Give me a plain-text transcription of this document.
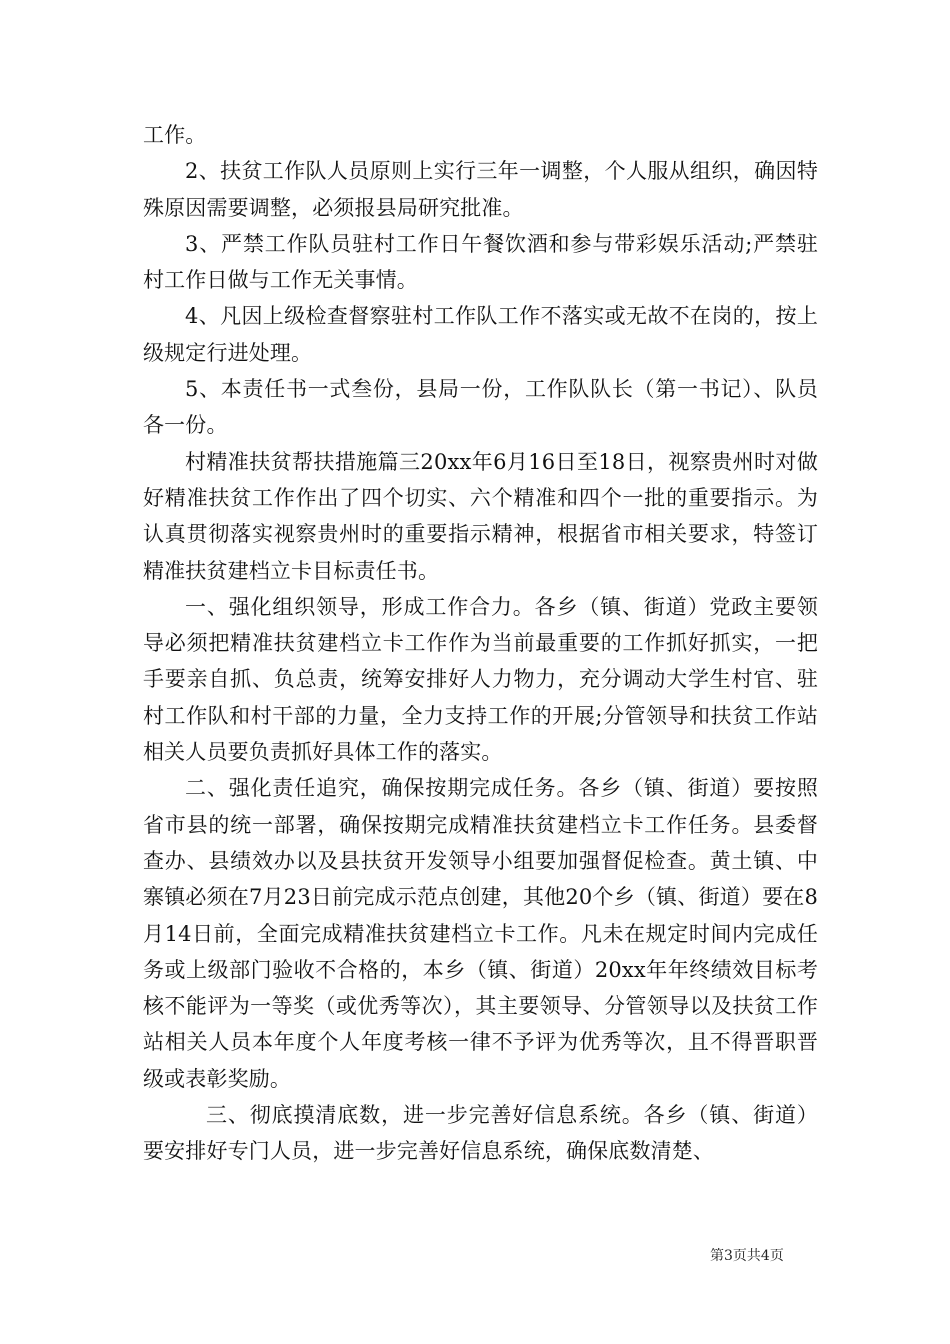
工作。

2、扶贫工作队人员原则上实行三年一调整，个人服从组织，确因特殊原因需要调整，必须报县局研究批准。

3、严禁工作队员驻村工作日午餐饮酒和参与带彩娱乐活动;严禁驻村工作日做与工作无关事情。

4、凡因上级检查督察驻村工作队工作不落实或无故不在岗的，按上级规定行进处理。

5、本责任书一式叁份，县局一份，工作队队长（第一书记）、队员各一份。

村精准扶贫帮扶措施篇三20xx年6月16日至18日，视察贵州时对做好精准扶贫工作作出了四个切实、六个精准和四个一批的重要指示。为认真贯彻落实视察贵州时的重要指示精神，根据省市相关要求，特签订精准扶贫建档立卡目标责任书。

一、强化组织领导，形成工作合力。各乡（镇、街道）党政主要领导必须把精准扶贫建档立卡工作作为当前最重要的工作抓好抓实，一把手要亲自抓、负总责，统筹安排好人力物力，充分调动大学生村官、驻村工作队和村干部的力量，全力支持工作的开展;分管领导和扶贫工作站相关人员要负责抓好具体工作的落实。

二、强化责任追究，确保按期完成任务。各乡（镇、街道）要按照省市县的统一部署，确保按期完成精准扶贫建档立卡工作任务。县委督查办、县绩效办以及县扶贫开发领导小组要加强督促检查。黄土镇、中寨镇必须在7月23日前完成示范点创建，其他20个乡（镇、街道）要在8月14日前，全面完成精准扶贫建档立卡工作。凡未在规定时间内完成任务或上级部门验收不合格的，本乡（镇、街道）20xx年年终绩效目标考核不能评为一等奖（或优秀等次），其主要领导、分管领导以及扶贫工作站相关人员本年度个人年度考核一律不予评为优秀等次，且不得晋职晋级或表彰奖励。

三、彻底摸清底数，进一步完善好信息系统。各乡（镇、街道）要安排好专门人员，进一步完善好信息系统，确保底数清楚、

第3页共4页
